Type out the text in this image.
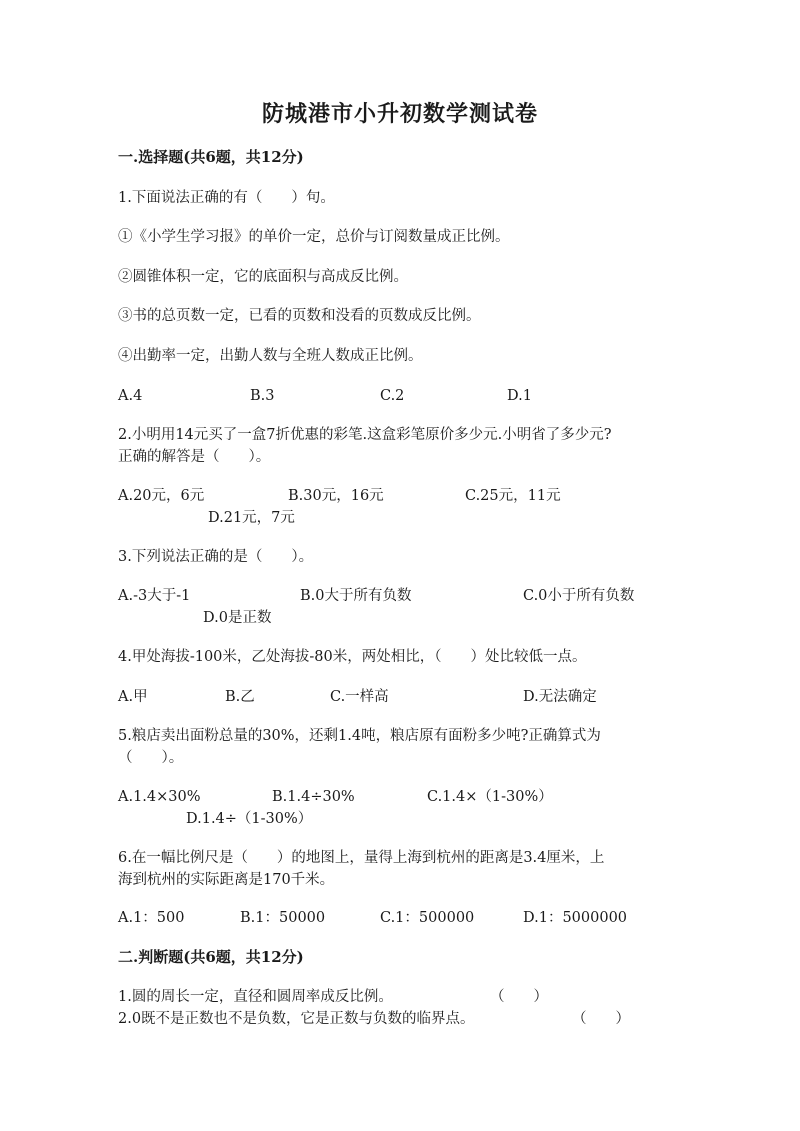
防城港市小升初数学测试卷
一.选择题(共6题，共12分)
1.下面说法正确的有（　　）句。
①《小学生学习报》的单价一定，总价与订阅数量成正比例。
②圆锥体积一定，它的底面积与高成反比例。
③书的总页数一定，已看的页数和没看的页数成反比例。
④出勤率一定，出勤人数与全班人数成正比例。
A.4	B.3	C.2	D.1
2.小明用14元买了一盒7折优惠的彩笔.这盒彩笔原价多少元.小明省了多少元?
正确的解答是（　　）。
A.20元，6元	B.30元，16元	C.25元，11元
D.21元，7元
3.下列说法正确的是（　　）。
A.-3大于-1	B.0大于所有负数	C.0小于所有负数
D.0是正数
4.甲处海拔-100米，乙处海拔-80米，两处相比，（　　）处比较低一点。
A.甲	B.乙	C.一样高	D.无法确定
5.粮店卖出面粉总量的30%，还剩1.4吨，粮店原有面粉多少吨?正确算式为
（　　）。
A.1.4×30%	B.1.4÷30%	C.1.4×（1-30%）
D.1.4÷（1-30%）
6.在一幅比例尺是（　　）的地图上，量得上海到杭州的距离是3.4厘米，上
海到杭州的实际距离是170千米。
A.1：500	B.1：50000	C.1：500000	D.1：5000000
二.判断题(共6题，共12分)
1.圆的周长一定，直径和圆周率成反比例。	（　　）
2.0既不是正数也不是负数，它是正数与负数的临界点。	（　　）
